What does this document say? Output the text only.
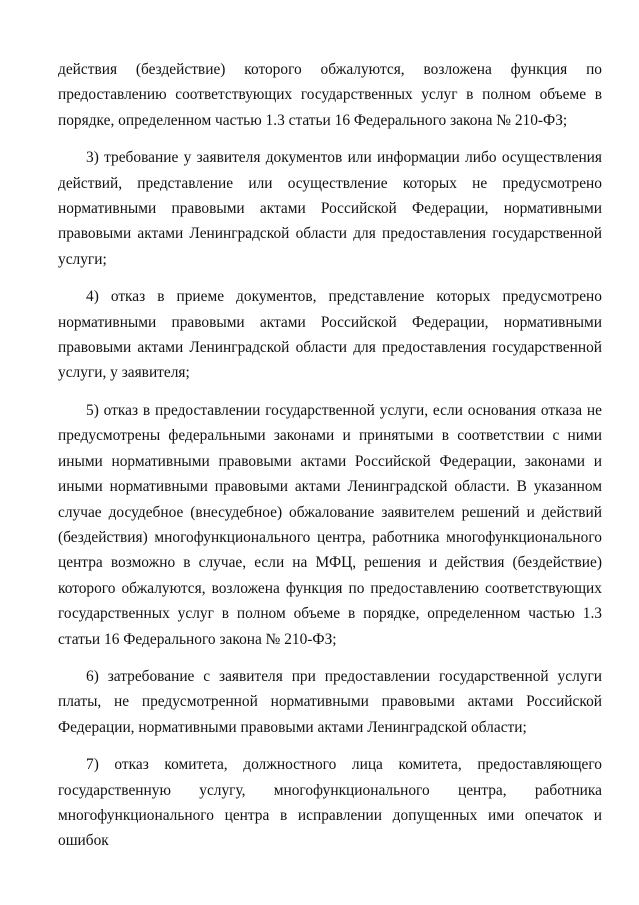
действия (бездействие) которого обжалуются, возложена функция по предоставлению соответствующих государственных услуг в полном объеме в порядке, определенном частью 1.3 статьи 16 Федерального закона № 210-ФЗ;

3) требование у заявителя документов или информации либо осуществления действий, представление или осуществление которых не предусмотрено нормативными правовыми актами Российской Федерации, нормативными правовыми актами Ленинградской области для предоставления государственной услуги;

4) отказ в приеме документов, представление которых предусмотрено нормативными правовыми актами Российской Федерации, нормативными правовыми актами Ленинградской области для предоставления государственной услуги, у заявителя;

5) отказ в предоставлении государственной услуги, если основания отказа не предусмотрены федеральными законами и принятыми в соответствии с ними иными нормативными правовыми актами Российской Федерации, законами и иными нормативными правовыми актами Ленинградской области. В указанном случае досудебное (внесудебное) обжалование заявителем решений и действий (бездействия) многофункционального центра, работника многофункционального центра возможно в случае, если на МФЦ, решения и действия (бездействие) которого обжалуются, возложена функция по предоставлению соответствующих государственных услуг в полном объеме в порядке, определенном частью 1.3 статьи 16 Федерального закона № 210-ФЗ;

6) затребование с заявителя при предоставлении государственной услуги платы, не предусмотренной нормативными правовыми актами Российской Федерации, нормативными правовыми актами Ленинградской области;

7) отказ комитета, должностного лица комитета, предоставляющего государственную услугу, многофункционального центра, работника многофункционального центра в исправлении допущенных ими опечаток и ошибок
